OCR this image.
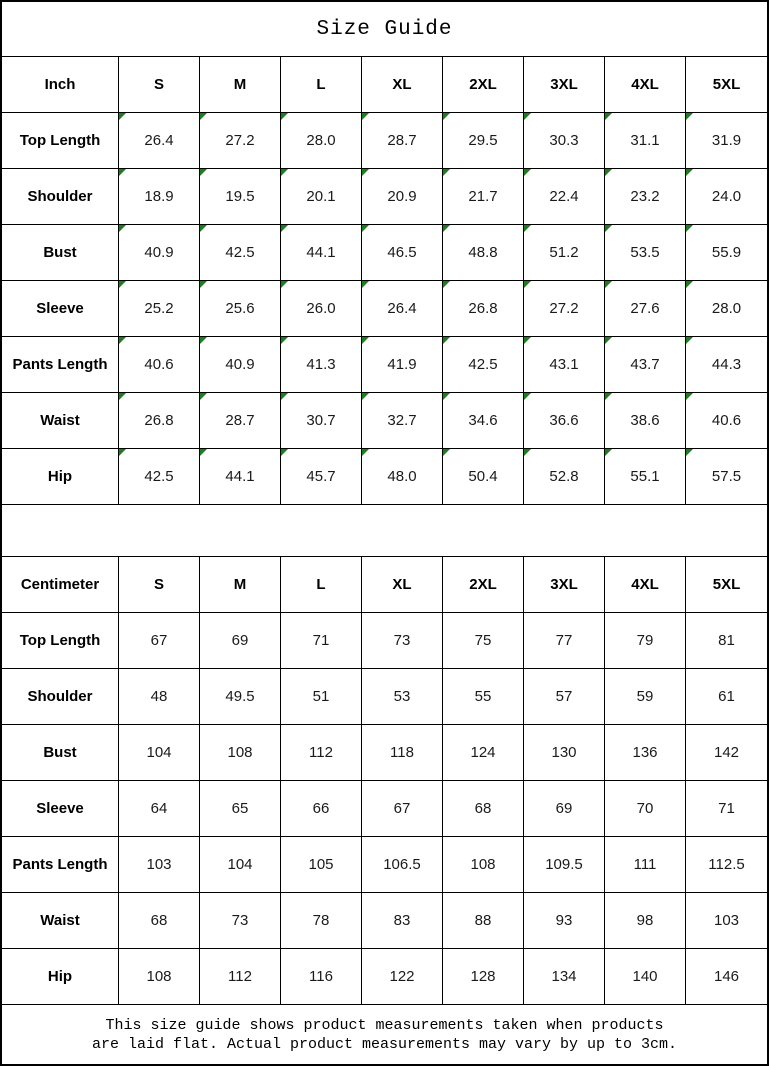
Size Guide
Inch	S	M	L	XL	2XL	3XL	4XL	5XL
Top Length	26.4	27.2	28.0	28.7	29.5	30.3	31.1	31.9
Shoulder	18.9	19.5	20.1	20.9	21.7	22.4	23.2	24.0
Bust	40.9	42.5	44.1	46.5	48.8	51.2	53.5	55.9
Sleeve	25.2	25.6	26.0	26.4	26.8	27.2	27.6	28.0
Pants Length 40.6	40.9	41.3	41.9	42.5	43.1	43.7	44.3
Waist	26.8	28.7	30.7	32.7	34.6	36.6	38.6	40.6
Hip	42.5	44.1	45.7	48.0	50.4	52.8	55.1	57.5
Centimeter	S	M	L	XL	2XL	3XL	4XL	5XL
Top Length	67	69	71	73	75	77	79	81
Shoulder	48	49.5	51	53	55	57	59	61
Bust	104	108	112	118	124	130	136	142
Sleeve	64	65	66	67	68	69	70	71
Pants Length	103	104	105	106.5	108	109.5	111	112.5
Waist	68	73	78	83	88	93	98	103
Hip	108	112	116	122	128	134	140	146
This size guide shows product measurements taken when products
are laid flat. Actual product measurements may vary by up to 3cm.
